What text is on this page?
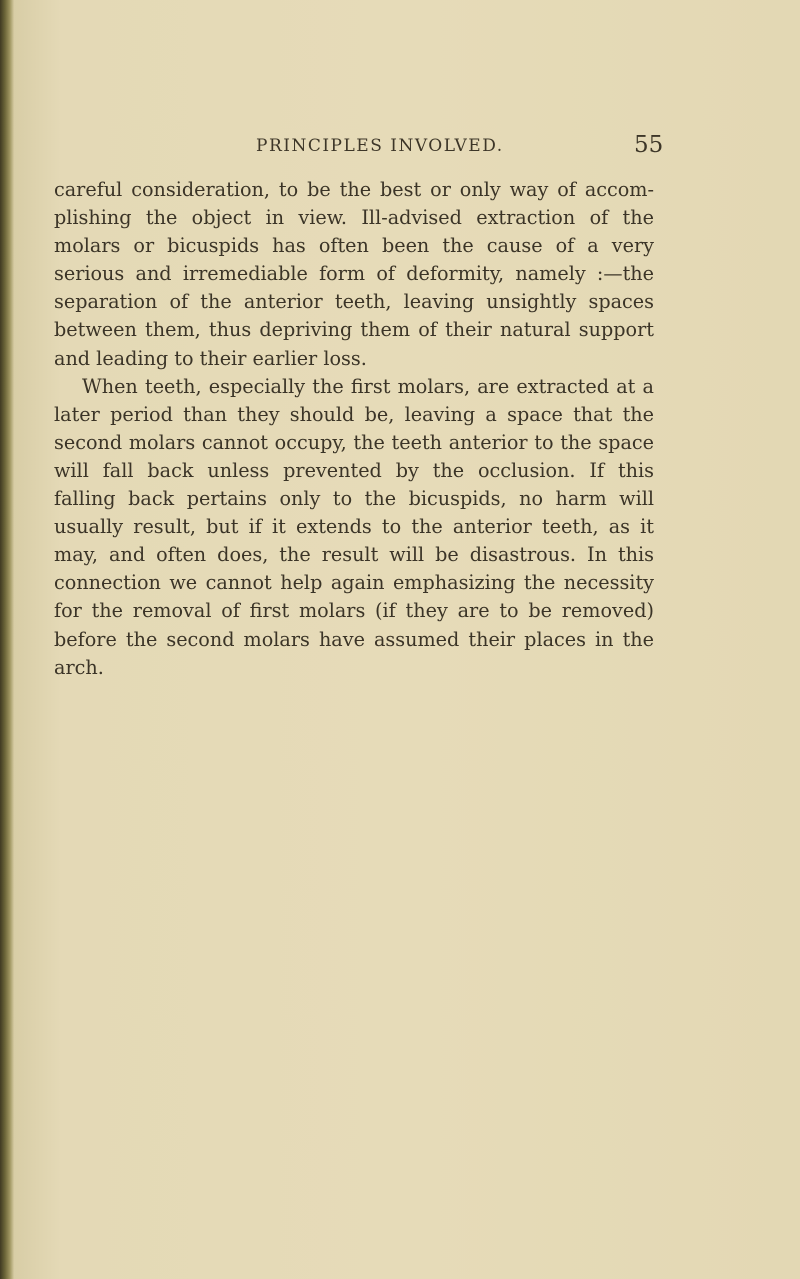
PRINCIPLES INVOLVED.	55
careful consideration, to be the best or only way of accom-
plishing the object in view. Ill-advised extraction of the
molars or bicuspids has often been the cause of a very
serious and irremediable form of deformity, namely :—the
separation of the anterior teeth, leaving unsightly spaces
between them, thus depriving them of their natural support
and leading to their earlier loss.
When teeth, especially the first molars, are extracted at a
later period than they should be, leaving a space that the
second molars cannot occupy, the teeth anterior to the space
will fall back unless prevented by the occlusion. If this
falling back pertains only to the bicuspids, no harm will
usually result, but if it extends to the anterior teeth, as it
may, and often does, the result will be disastrous. In this
connection we cannot help again emphasizing the necessity
for the removal of first molars (if they are to be removed)
before the second molars have assumed their places in the
arch.
